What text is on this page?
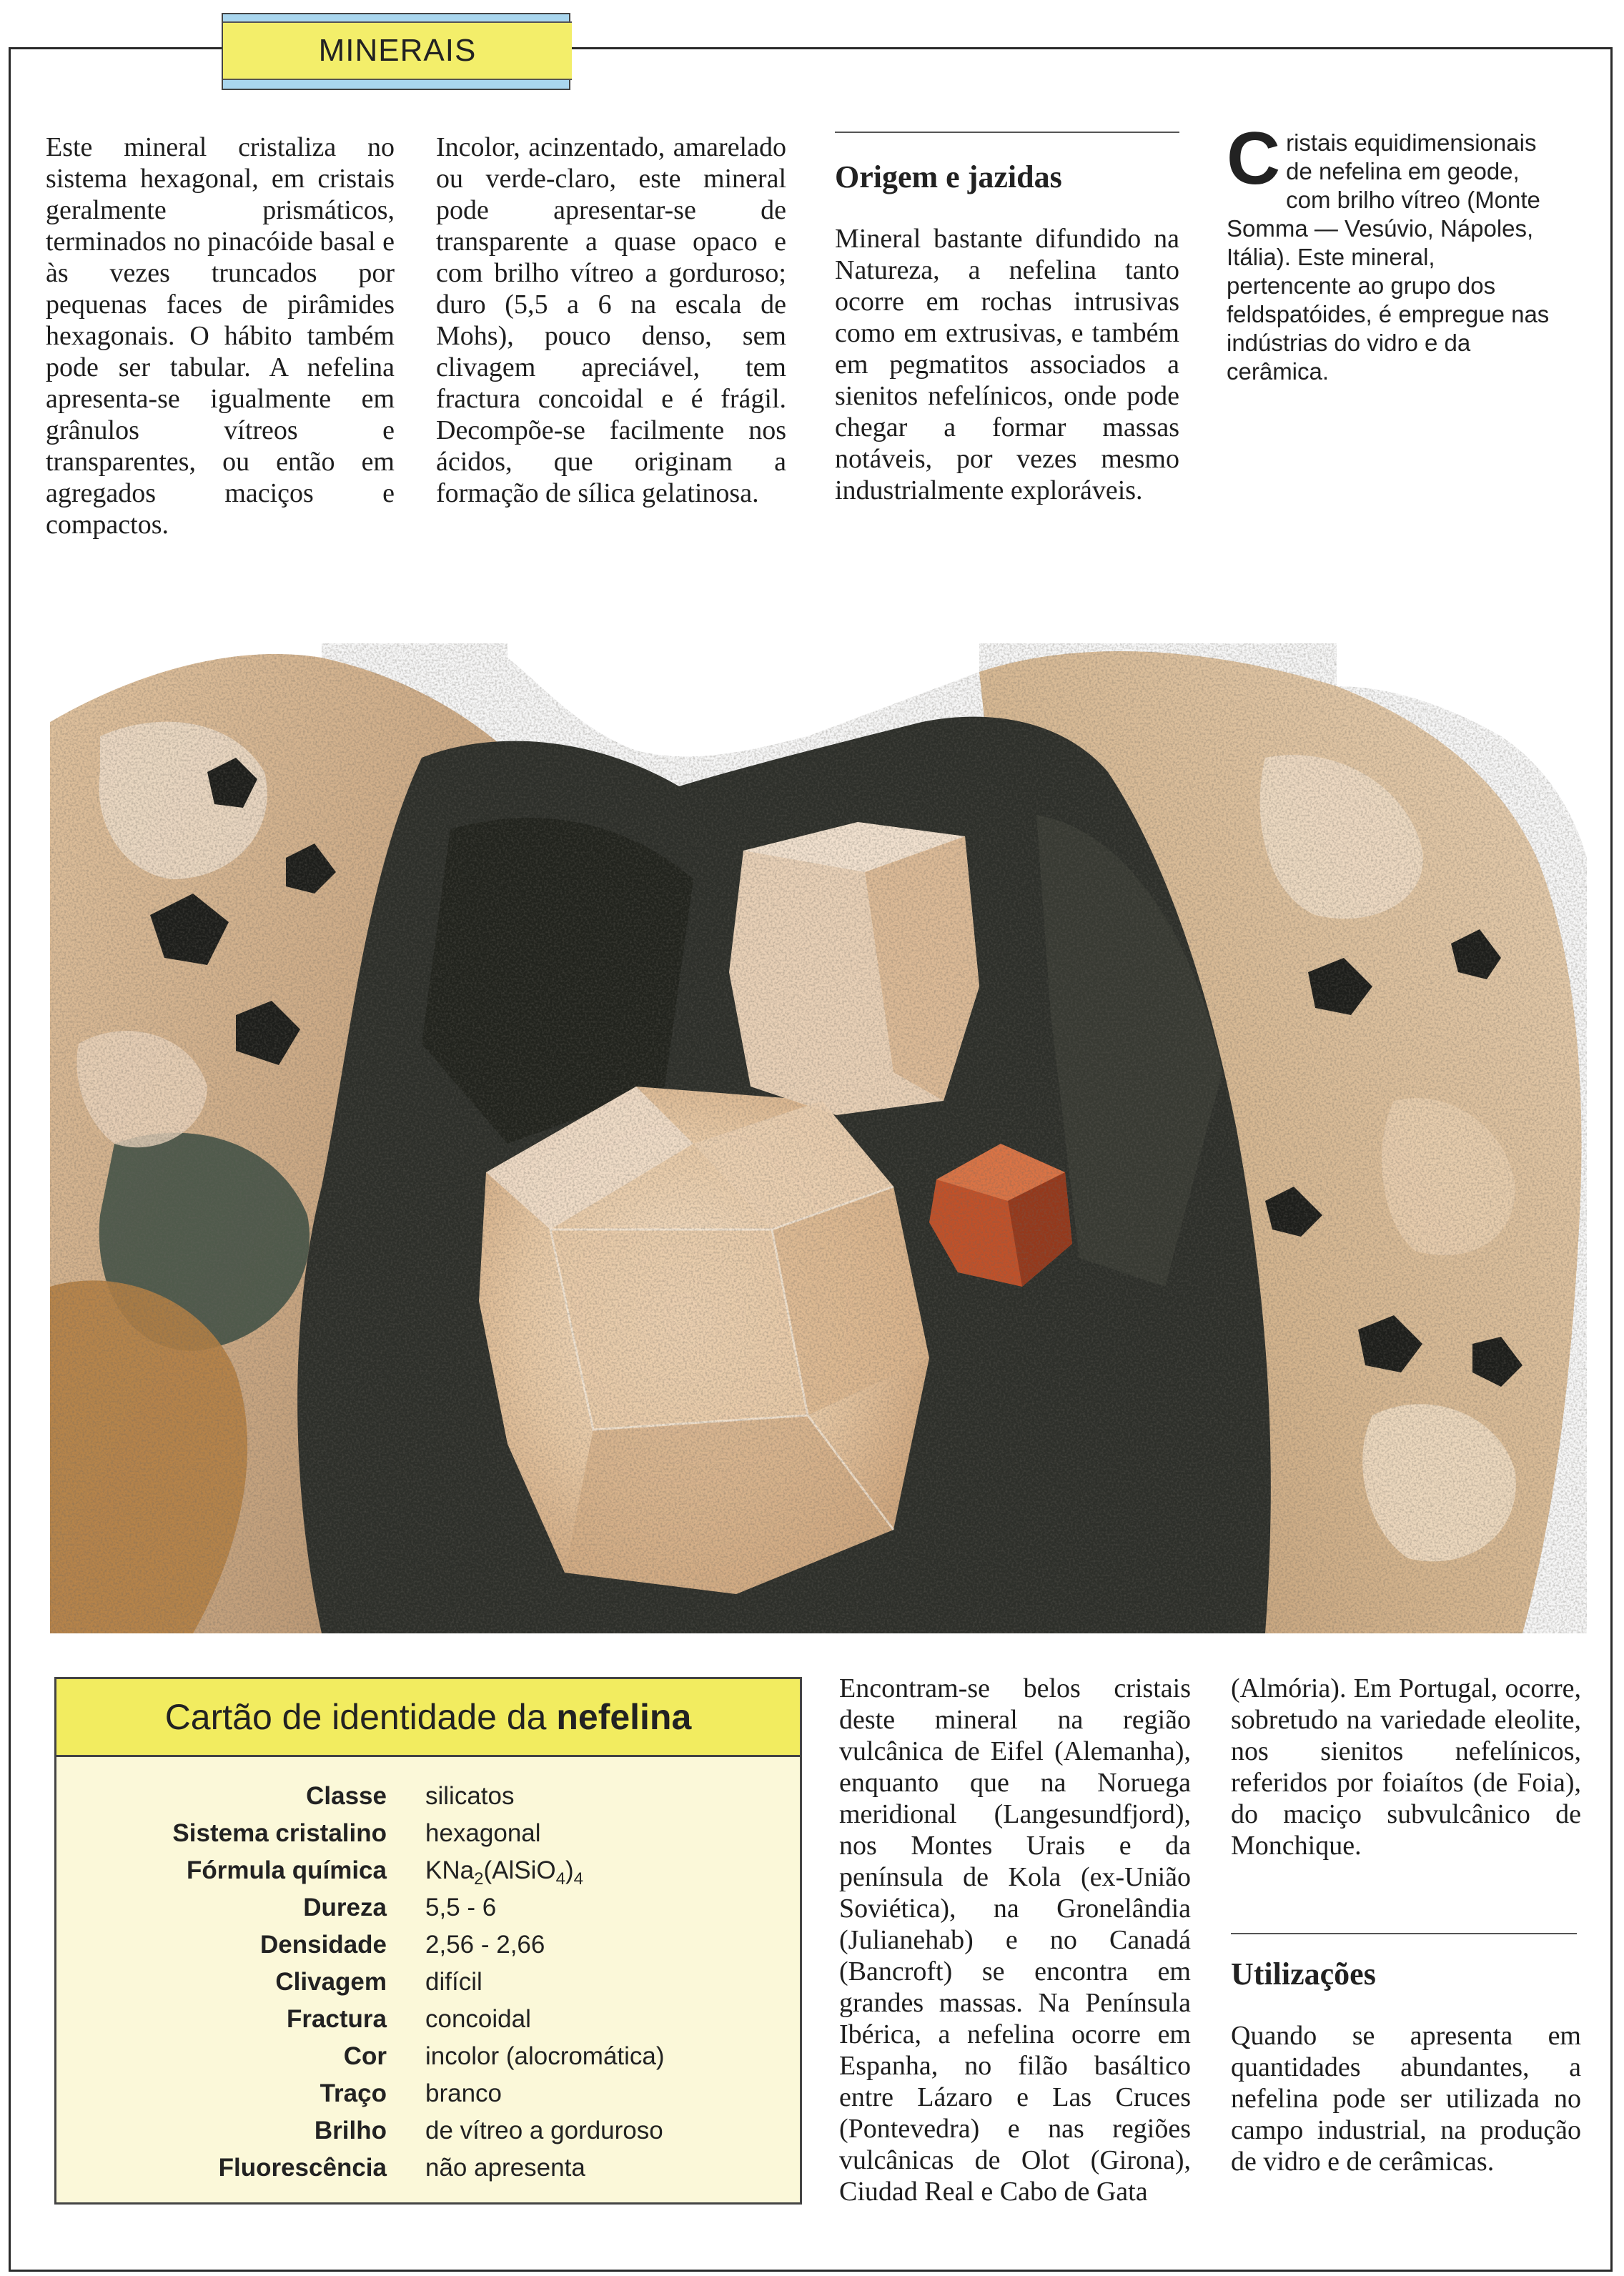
MINERAIS

Este mineral cristaliza no sistema hexagonal, em cristais geralmente prismáticos, terminados no pinacóide basal e às vezes truncados por pequenas faces de pirâmides hexagonais. O hábito também pode ser tabular. A nefelina apresenta-se igualmente em grânulos vítreos e transparentes, ou então em agregados maciços e compactos.

Incolor, acinzentado, amarelado ou verde-claro, este mineral pode apresentar-se de transparente a quase opaco e com brilho vítreo a gorduroso; duro (5,5 a 6 na escala de Mohs), pouco denso, sem clivagem apreciável, tem fractura concoidal e é frágil. Decompõe-se facilmente nos ácidos, que originam a formação de sílica gelatinosa.

Origem e jazidas

Mineral bastante difundido na Natureza, a nefelina tanto ocorre em rochas intrusivas como em extrusivas, e também em pegmatitos associados a sienitos nefelínicos, onde pode chegar a formar massas notáveis, por vezes mesmo industrialmente exploráveis.

Cristais equidimensionais de nefelina em geode, com brilho vítreo (Monte Somma — Vesúvio, Nápoles, Itália). Este mineral, pertencente ao grupo dos feldspatóides, é empregue nas indústrias do vidro e da cerâmica.
Cartão de identidade da nefelina
Classe silicatos
Sistema cristalino hexagonal
Fórmula química $KNa_2(AlSiO_4)_4$
Dureza 5,5 - 6
Densidade 2,56 - 2,66
Clivagem difícil
Fractura concoidal
Cor incolor (alocromática)
Traço branco
Brilho de vítreo a gorduroso
Fluorescência não apresenta

Encontram-se belos cristais deste mineral na região vulcânica de Eifel (Alemanha), enquanto que na Noruega meridional (Langesundfjord), nos Montes Urais e da península de Kola (ex-União Soviética), na Gronelândia (Julianehab) e no Canadá (Bancroft) se encontra em grandes massas. Na Península Ibérica, a nefelina ocorre em Espanha, no filão basáltico entre Lázaro e Las Cruces (Pontevedra) e nas regiões vulcânicas de Olot (Girona), Ciudad Real e Cabo de Gata

(Almória). Em Portugal, ocorre, sobretudo na variedade eleolite, nos sienitos nefelínicos, referidos por foiaítos (de Foia), do maciço subvulcânico de Monchique.

Utilizações

Quando se apresenta em quantidades abundantes, a nefelina pode ser utilizada no campo industrial, na produção de vidro e de cerâmicas.
